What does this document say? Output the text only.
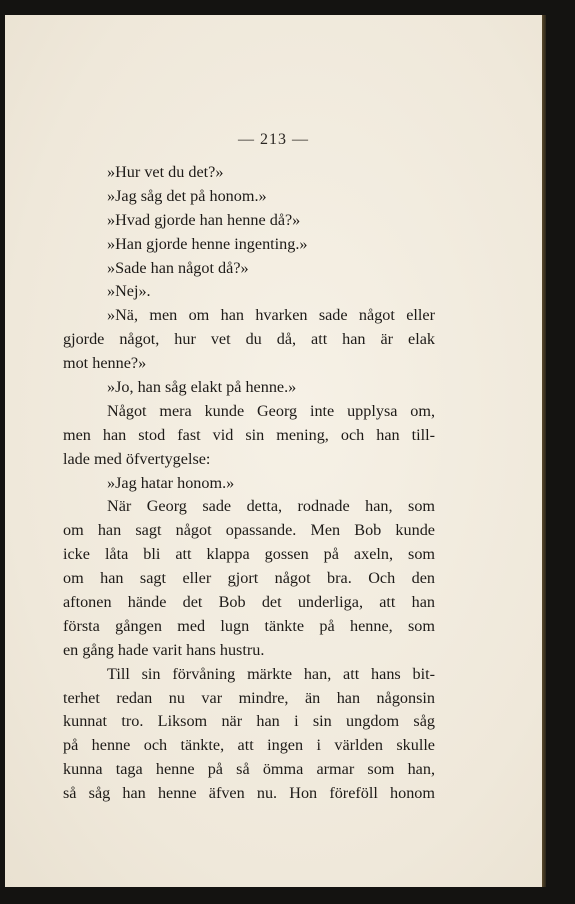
— 213 —
»Hur vet du det?»
»Jag såg det på honom.»
»Hvad gjorde han henne då?»
»Han gjorde henne ingenting.»
»Sade han något då?»
»Nej».
»Nä, men om han hvarken sade något eller
gjorde något, hur vet du då, att han är elak
mot henne?»
»Jo, han såg elakt på henne.»
Något mera kunde Georg inte upplysa om,
men han stod fast vid sin mening, och han till-
lade med öfvertygelse:
»Jag hatar honom.»
När Georg sade detta, rodnade han, som
om han sagt något opassande. Men Bob kunde
icke låta bli att klappa gossen på axeln, som
om han sagt eller gjort något bra. Och den
aftonen hände det Bob det underliga, att han
första gången med lugn tänkte på henne, som
en gång hade varit hans hustru.
Till sin förvåning märkte han, att hans bit-
terhet redan nu var mindre, än han någonsin
kunnat tro. Liksom när han i sin ungdom såg
på henne och tänkte, att ingen i världen skulle
kunna taga henne på så ömma armar som han,
så såg han henne äfven nu. Hon föreföll honom
